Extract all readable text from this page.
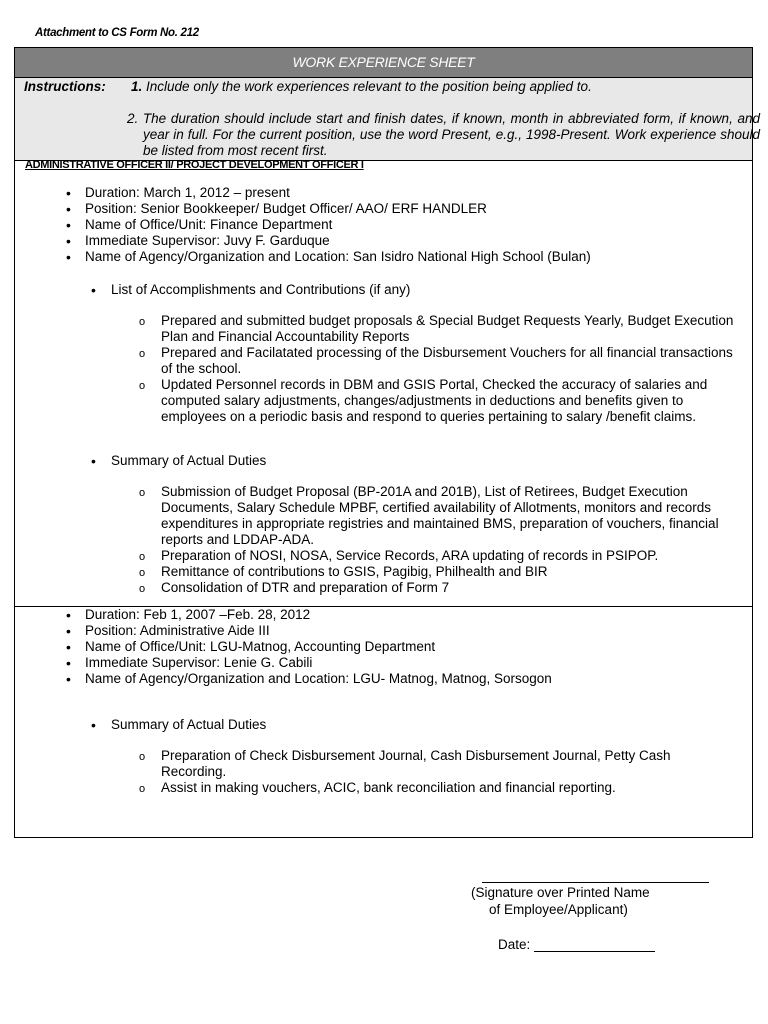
Attachment to CS Form No. 212
WORK EXPERIENCE SHEET
Instructions: 1. Include only the work experiences relevant to the position being applied to.
2. The duration should include start and finish dates, if known, month in abbreviated form, if known, and year in full. For the current position, use the word Present, e.g., 1998-Present. Work experience should be listed from most recent first.
ADMINISTRATIVE OFFICER II/ PROJECT DEVELOPMENT OFFICER I
• Duration: March 1, 2012 – present
• Position: Senior Bookkeeper/ Budget Officer/ AAO/ ERF HANDLER
• Name of Office/Unit: Finance Department
• Immediate Supervisor: Juvy F. Garduque
• Name of Agency/Organization and Location: San Isidro National High School (Bulan)
• List of Accomplishments and Contributions (if any)
o Prepared and submitted budget proposals & Special Budget Requests Yearly, Budget Execution Plan and Financial Accountability Reports
o Prepared and Facilatated processing of the Disbursement Vouchers for all financial transactions of the school.
o Updated Personnel records in DBM and GSIS Portal, Checked the accuracy of salaries and computed salary adjustments, changes/adjustments in deductions and benefits given to employees on a periodic basis and respond to queries pertaining to salary /benefit claims.
• Summary of Actual Duties
o Submission of Budget Proposal (BP-201A and 201B), List of Retirees, Budget Execution Documents, Salary Schedule MPBF, certified availability of Allotments, monitors and records expenditures in appropriate registries and maintained BMS, preparation of vouchers, financial reports and LDDAP-ADA.
o Preparation of NOSI, NOSA, Service Records, ARA updating of records in PSIPOP.
o Remittance of contributions to GSIS, Pagibig, Philhealth and BIR
o Consolidation of DTR and preparation of Form 7
• Duration: Feb 1, 2007 –Feb. 28, 2012
• Position: Administrative Aide III
• Name of Office/Unit: LGU-Matnog, Accounting Department
• Immediate Supervisor: Lenie G. Cabili
• Name of Agency/Organization and Location: LGU- Matnog, Matnog, Sorsogon
• Summary of Actual Duties
o Preparation of Check Disbursement Journal, Cash Disbursement Journal, Petty Cash Recording.
o Assist in making vouchers, ACIC, bank reconciliation and financial reporting.
(Signature over Printed Name
of Employee/Applicant)
Date:
